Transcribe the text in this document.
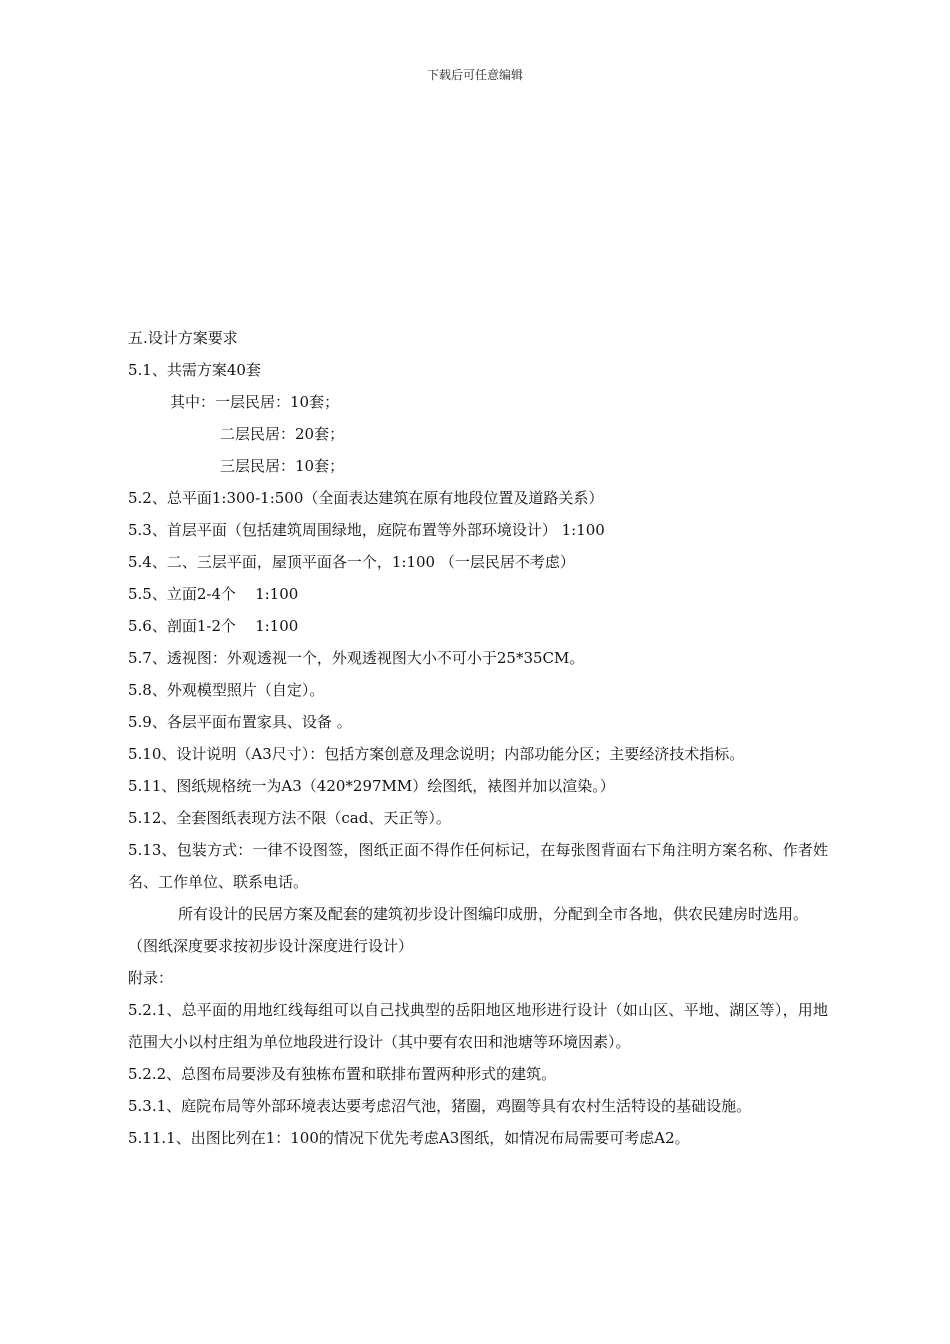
下载后可任意编辑

五.设计方案要求

5.1、共需方案40套

其中：一层民居：10套；

二层民居：20套；

三层民居：10套；

5.2、总平面1:300-1:500（全面表达建筑在原有地段位置及道路关系）

5.3、首层平面（包括建筑周围绿地，庭院布置等外部环境设计） 1:100

5.4、二、三层平面，屋顶平面各一个，1:100 （一层民居不考虑）

5.5、立面2-4个    1:100

5.6、剖面1-2个    1:100

5.7、透视图：外观透视一个，外观透视图大小不可小于25*35CM。

5.8、外观模型照片（自定）。

5.9、各层平面布置家具、设备 。

5.10、设计说明（A3尺寸）：包括方案创意及理念说明；内部功能分区；主要经济技术指标。

5.11、图纸规格统一为A3（420*297MM）绘图纸，裱图并加以渲染。）

5.12、全套图纸表现方法不限（cad、天正等）。

5.13、包装方式：一律不设图签，图纸正面不得作任何标记，在每张图背面右下角注明方案名称、作者姓名、工作单位、联系电话。

所有设计的民居方案及配套的建筑初步设计图编印成册，分配到全市各地，供农民建房时选用。

（图纸深度要求按初步设计深度进行设计）

附录：

5.2.1、总平面的用地红线每组可以自己找典型的岳阳地区地形进行设计（如山区、平地、湖区等），用地范围大小以村庄组为单位地段进行设计（其中要有农田和池塘等环境因素）。

5.2.2、总图布局要涉及有独栋布置和联排布置两种形式的建筑。

5.3.1、庭院布局等外部环境表达要考虑沼气池，猪圈，鸡圈等具有农村生活特设的基础设施。

5.11.1、出图比列在1：100的情况下优先考虑A3图纸，如情况布局需要可考虑A2。
